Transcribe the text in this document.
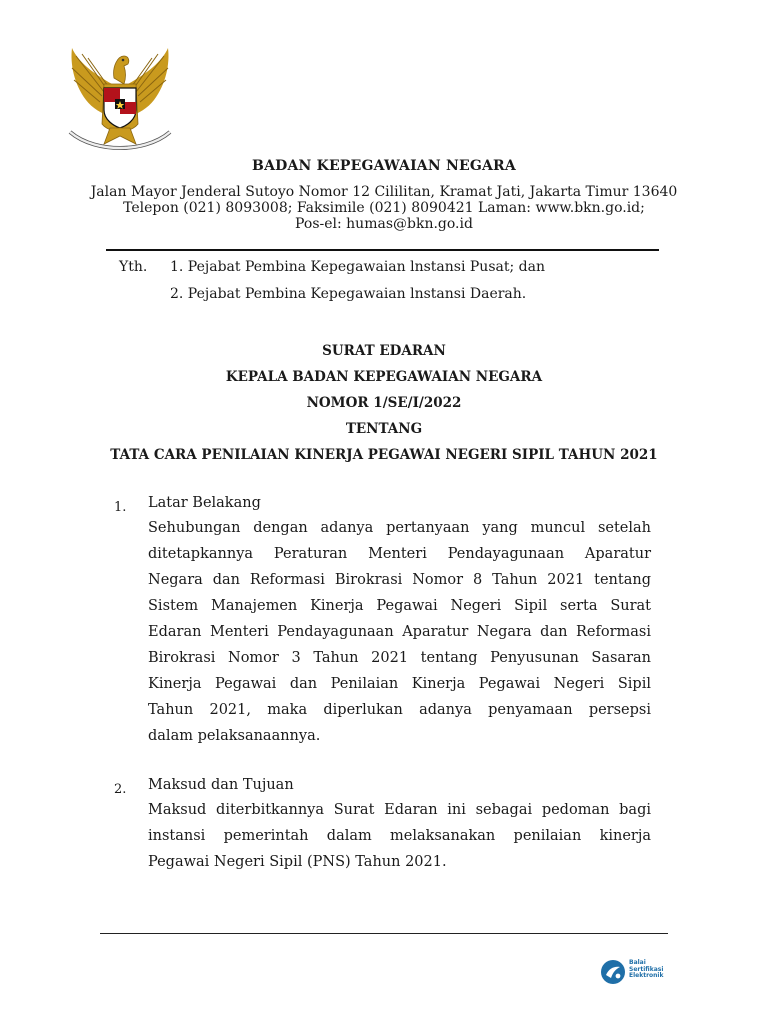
BADAN KEPEGAWAIAN NEGARA
Jalan Mayor Jenderal Sutoyo Nomor 12 Cililitan, Kramat Jati, Jakarta Timur 13640
Telepon (021) 8093008; Faksimile (021) 8090421 Laman: www.bkn.go.id;
Pos-el: humas@bkn.go.id
Yth. 1. Pejabat Pembina Kepegawaian lnstansi Pusat; dan
2. Pejabat Pembina Kepegawaian lnstansi Daerah.
SURAT EDARAN
KEPALA BADAN KEPEGAWAIAN NEGARA
NOMOR 1/SE/I/2022
TENTANG
TATA CARA PENILAIAN KINERJA PEGAWAI NEGERI SIPIL TAHUN 2021
1. Latar Belakang
Sehubungan dengan adanya pertanyaan yang muncul setelah
ditetapkannya Peraturan Menteri Pendayagunaan Aparatur
Negara dan Reformasi Birokrasi Nomor 8 Tahun 2021 tentang
Sistem Manajemen Kinerja Pegawai Negeri Sipil serta Surat
Edaran Menteri Pendayagunaan Aparatur Negara dan Reformasi
Birokrasi Nomor 3 Tahun 2021 tentang Penyusunan Sasaran
Kinerja Pegawai dan Penilaian Kinerja Pegawai Negeri Sipil
Tahun 2021, maka diperlukan adanya penyamaan persepsi
dalam pelaksanaannya.
2. Maksud dan Tujuan
Maksud diterbitkannya Surat Edaran ini sebagai pedoman bagi
instansi pemerintah dalam melaksanakan penilaian kinerja
Pegawai Negeri Sipil (PNS) Tahun 2021.
Balai
Sertifikasi
Elektronik
